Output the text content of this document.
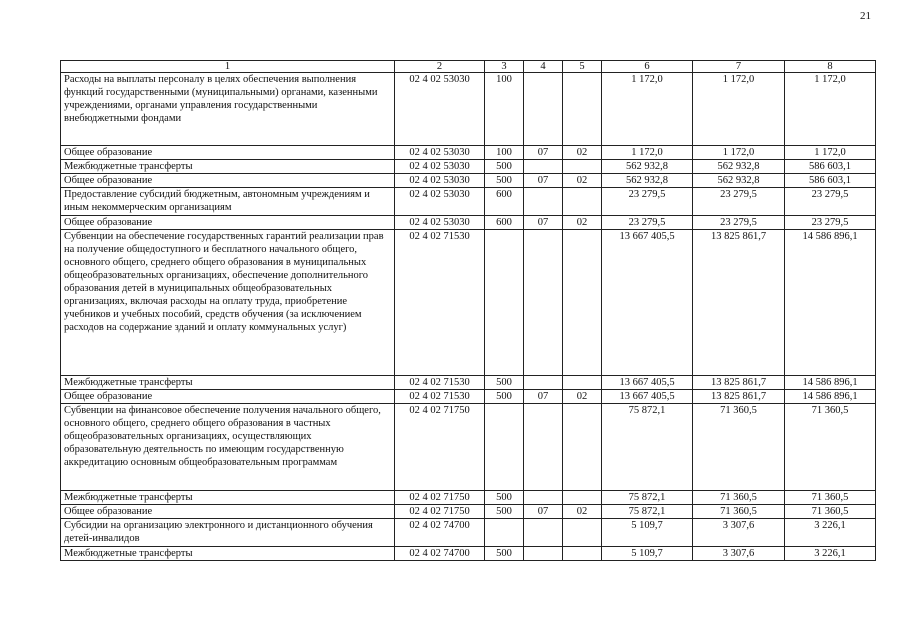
21
1	2	3	4	5	6	7	8
Расходы на выплаты персоналу в целях обеспечения выполнения функций государственными (муниципальными) органами, казенными учреждениями, органами управления государственными внебюджетными фондами	02 4 02 53030	100			1 172,0	1 172,0	1 172,0
Общее образование	02 4 02 53030	100	07	02	1 172,0	1 172,0	1 172,0
Межбюджетные трансферты	02 4 02 53030	500			562 932,8	562 932,8	586 603,1
Общее образование	02 4 02 53030	500	07	02	562 932,8	562 932,8	586 603,1
Предоставление субсидий бюджетным, автономным учреждениям и иным некоммерческим организациям	02 4 02 53030	600			23 279,5	23 279,5	23 279,5
Общее образование	02 4 02 53030	600	07	02	23 279,5	23 279,5	23 279,5
Субвенции на обеспечение государственных гарантий реализации прав на получение общедоступного и бесплатного начального общего, основного общего, среднего общего образования в муниципальных общеобразовательных организациях, обеспечение дополнительного образования детей в муниципальных общеобразовательных организациях, включая расходы на оплату труда, приобретение учебников и учебных пособий, средств обучения (за исключением расходов на содержание зданий и оплату коммунальных услуг)	02 4 02 71530				13 667 405,5	13 825 861,7	14 586 896,1
Межбюджетные трансферты	02 4 02 71530	500			13 667 405,5	13 825 861,7	14 586 896,1
Общее образование	02 4 02 71530	500	07	02	13 667 405,5	13 825 861,7	14 586 896,1
Субвенции на финансовое обеспечение получения начального общего, основного общего, среднего общего образования в частных общеобразовательных организациях, осуществляющих образовательную деятельность по имеющим государственную аккредитацию основным общеобразовательным программам	02 4 02 71750				75 872,1	71 360,5	71 360,5
Межбюджетные трансферты	02 4 02 71750	500			75 872,1	71 360,5	71 360,5
Общее образование	02 4 02 71750	500	07	02	75 872,1	71 360,5	71 360,5
Субсидии на организацию электронного и дистанционного обучения детей-инвалидов	02 4 02 74700				5 109,7	3 307,6	3 226,1
Межбюджетные трансферты	02 4 02 74700	500			5 109,7	3 307,6	3 226,1
